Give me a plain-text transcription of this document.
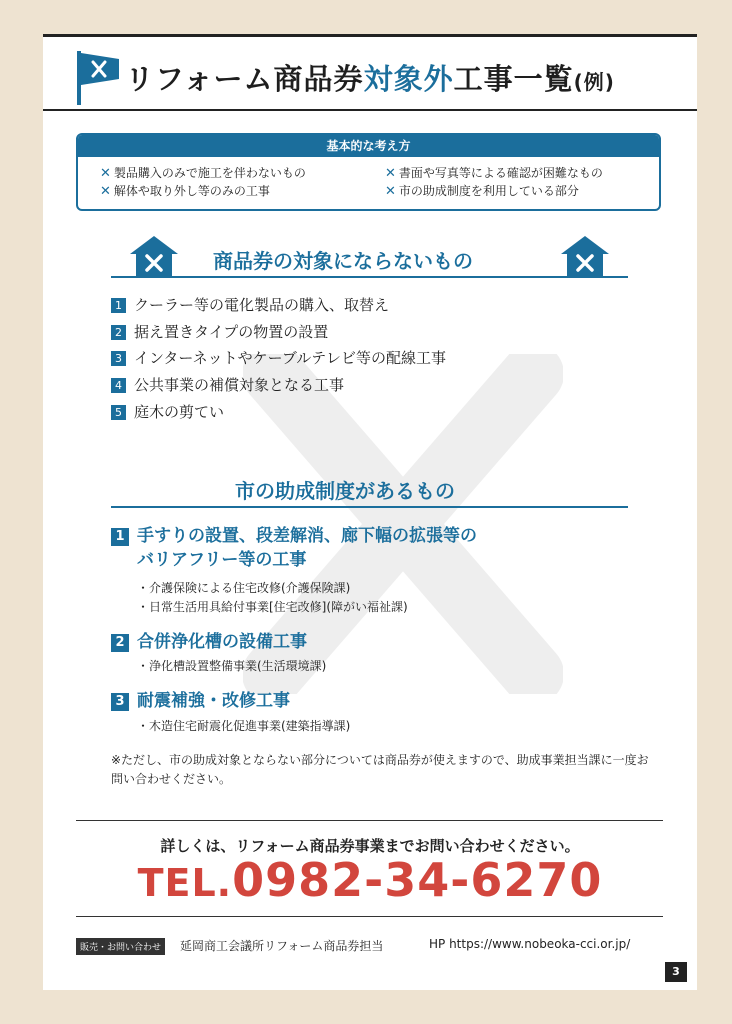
リフォーム商品券対象外工事一覧(例)
基本的な考え方
✕ 製品購入のみで施工を伴わないもの	✕ 書面や写真等による確認が困難なもの
✕ 解体や取り外し等のみの工事	✕ 市の助成制度を利用している部分
商品券の対象にならないもの
1 クーラー等の電化製品の購入、取替え
2 据え置きタイプの物置の設置
3 インターネットやケーブルテレビ等の配線工事
4 公共事業の補償対象となる工事
5 庭木の剪てい
市の助成制度があるもの
1 手すりの設置、段差解消、廊下幅の拡張等の
バリアフリー等の工事
・介護保険による住宅改修(介護保険課)
・日常生活用具給付事業[住宅改修](障がい福祉課)
2 合併浄化槽の設備工事
・浄化槽設置整備事業(生活環境課)
3 耐震補強・改修工事
・木造住宅耐震化促進事業(建築指導課)
※ただし、市の助成対象とならない部分については商品券が使えますので、助成事業担当課に一度お問い合わせください。
詳しくは、リフォーム商品券事業までお問い合わせください。
TEL.0982-34-6270
販売・お問い合わせ	延岡商工会議所リフォーム商品券担当	HP https://www.nobeoka-cci.or.jp/
3
